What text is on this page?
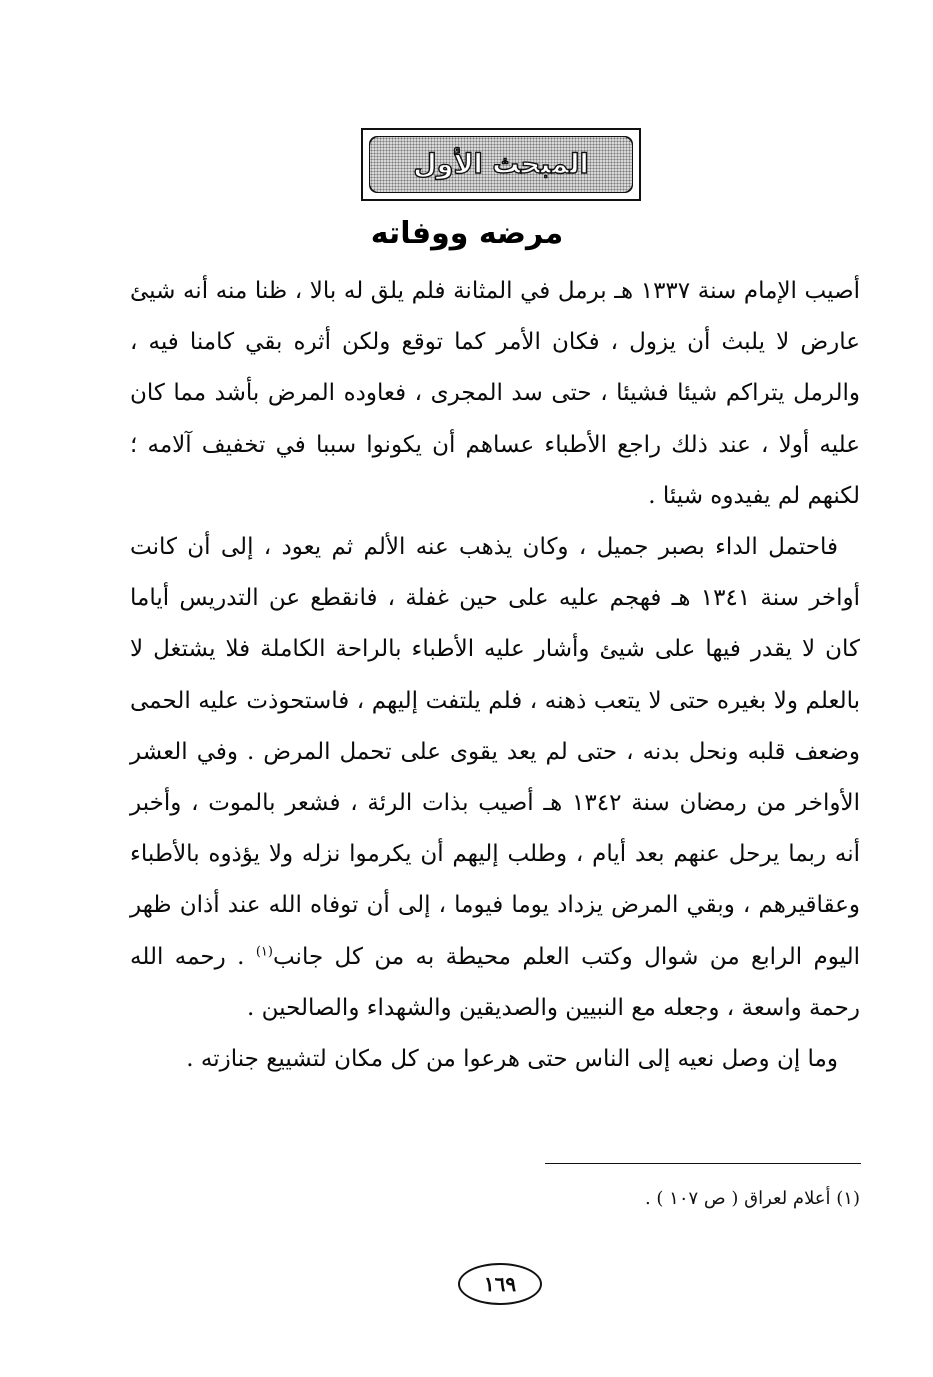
المبحث الأول
مرضه ووفاته

أصيب الإمام سنة ١٣٣٧ هـ برمل في المثانة فلم يلق له بالا ، ظنا منه أنه شيئ عارض لا يلبث أن يزول ، فكان الأمر كما توقع ولكن أثره بقي كامنا فيه ، والرمل يتراكم شيئا فشيئا ، حتى سد المجرى ، فعاوده المرض بأشد مما كان عليه أولا ، عند ذلك راجع الأطباء عساهم أن يكونوا سببا في تخفيف آلامه ؛ لكنهم لم يفيدوه شيئا .

فاحتمل الداء بصبر جميل ، وكان يذهب عنه الألم ثم يعود ، إلى أن كانت أواخر سنة ١٣٤١ هـ فهجم عليه على حين غفلة ، فانقطع عن التدريس أياما كان لا يقدر فيها على شيئ وأشار عليه الأطباء بالراحة الكاملة فلا يشتغل لا بالعلم ولا بغيره حتى لا يتعب ذهنه ، فلم يلتفت إليهم ، فاستحوذت عليه الحمى وضعف قلبه ونحل بدنه ، حتى لم يعد يقوى على تحمل المرض . وفي العشر الأواخر من رمضان سنة ١٣٤٢ هـ أصيب بذات الرئة ، فشعر بالموت ، وأخبر أنه ربما يرحل عنهم بعد أيام ، وطلب إليهم أن يكرموا نزله ولا يؤذوه بالأطباء وعقاقيرهم ، وبقي المرض يزداد يوما فيوما ، إلى أن توفاه الله عند أذان ظهر اليوم الرابع من شوال وكتب العلم محيطة به من كل جانب$^{(١)}$ . رحمه الله رحمة واسعة ، وجعله مع النبيين والصديقين والشهداء والصالحين .

وما إن وصل نعيه إلى الناس حتى هرعوا من كل مكان لتشييع جنازته .

(١) أعلام لعراق ( ص ١٠٧ ) .
١٦٩
